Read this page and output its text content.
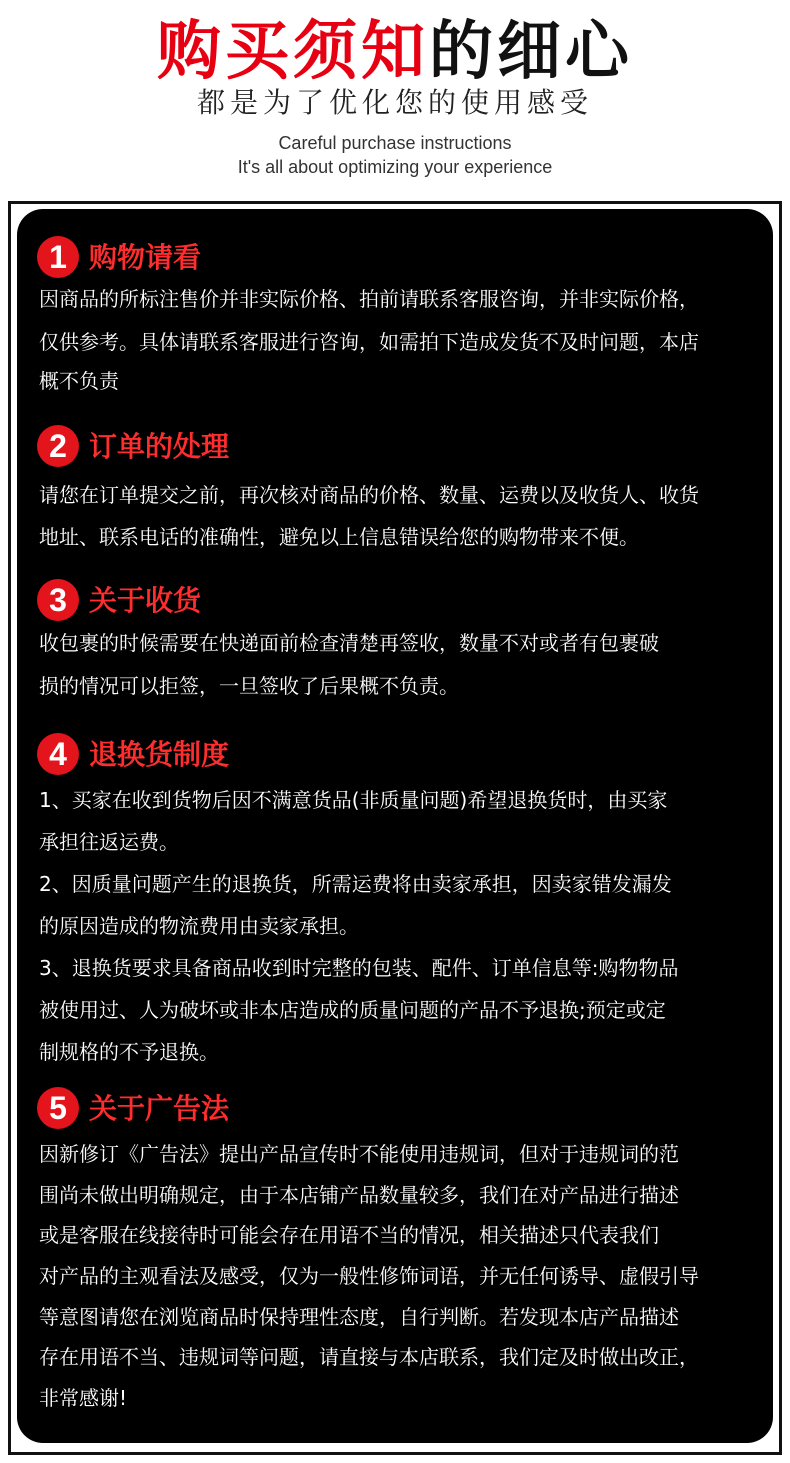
购买须知的细心
都是为了优化您的使用感受
Careful purchase instructions
It's all about optimizing your experience
1 购物请看
因商品的所标注售价并非实际价格、拍前请联系客服咨询，并非实际价格，
仅供参考。具体请联系客服进行咨询，如需拍下造成发货不及时问题，本店
概不负责
2 订单的处理
请您在订单提交之前，再次核对商品的价格、数量、运费以及收货人、收货
地址、联系电话的准确性，避免以上信息错误给您的购物带来不便。
3 关于收货
收包裹的时候需要在快递面前检查清楚再签收，数量不对或者有包裹破
损的情况可以拒签，一旦签收了后果概不负责。
4 退换货制度
1、买家在收到货物后因不满意货品(非质量问题)希望退换货时，由买家
承担往返运费。
2、因质量问题产生的退换货，所需运费将由卖家承担，因卖家错发漏发
的原因造成的物流费用由卖家承担。
3、退换货要求具备商品收到时完整的包装、配件、订单信息等:购物物品
被使用过、人为破坏或非本店造成的质量问题的产品不予退换;预定或定
制规格的不予退换。
5 关于广告法
因新修订《广告法》提出产品宣传时不能使用违规词，但对于违规词的范
围尚未做出明确规定，由于本店铺产品数量较多，我们在对产品进行描述
或是客服在线接待时可能会存在用语不当的情况，相关描述只代表我们
对产品的主观看法及感受，仅为一般性修饰词语，并无任何诱导、虚假引导
等意图请您在浏览商品时保持理性态度，自行判断。若发现本店产品描述
存在用语不当、违规词等问题，请直接与本店联系，我们定及时做出改正，
非常感谢!
